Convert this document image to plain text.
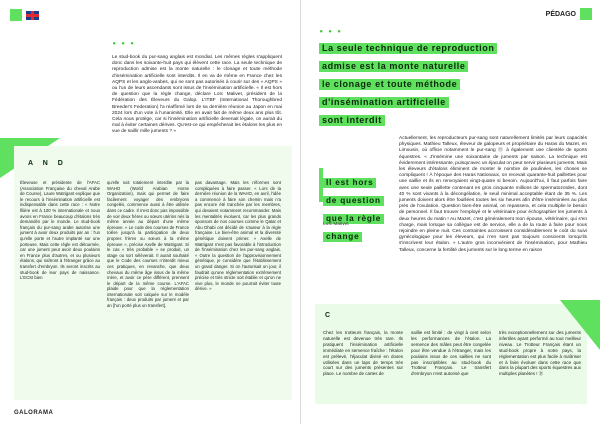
• • •
Le stud-book du pur-sang anglais est mondial. Les mêmes règles s'appliquent donc dans les soixante-huit pays qui élèvent cette race. La seule technique de reproduction admise est la monte naturelle : le clonage et toute méthode d'insémination artificielle sont interdits. Il en va de même en France chez les AQPS et les anglo-arabes, qui ne sont pas autorisés à courir sur des « AQPS » ou l'un de leurs ascendants sont issus de l'insémination artificielle. « Il est hors de question que la règle change, déclare Loïc Malivet, président de la Fédération des Éleveurs du Galop. L'ITBF (International Thoroughbred Breeder's Federation) l'a réaffirmé lors de sa dernière réunion au Japon en mai 2024 lors d'un vote à l'unanimité. Elle en avait fait de même deux ans plus tôt. Cela nous protège, car si l'insémination artificielle devenait légale, on aurait du mal à éviter certaines dérives. Qu'est-ce qui empêcherait les étalons les plus en vue de saillir mille juments ? »
A N D
Éleveuse et présidente de l'AFAC (Association Française du cheval Arabe de Course), Laure Watrigant explique que le recours à l'insémination artificielle est indispensable dans cette race : « Notre filière est à 100 % internationale et nous avons en France beaucoup d'étalons très demandés par le monde. Le stud-book français du pur-sang arabe autorise une jument à avoir deux produits par an : l'un qu'elle porte et l'autre implanté sur une porteuse. Mais cette règle est détournée, car une jument peut avoir deux poulains en France plus d'autres, et ou plusieurs étalons, qui naîtront à l'étranger grâce au transfert d'embryon. Ils seront inscrits au stud-book de leur pays de naissance. L'ECSI bien
qu'elle soit totalement interdite par la WAHO (World Arabian Horse Organization), mais qui permet de faire facilement voyager des embryons congelés, commence aussi à être utilisée dans ce cadre. Il n'est donc pas impossible de voir deux frères ou sœurs utérins nés la même année au départ d'une même épreuve. « Le code des courses de France tolère jusqu'à la participation de deux propres frères ou sœurs à la même épreuve », précise Axelle de Watrigant. Si le cas « très probable » se produit, un stage ou sort sélèverait. Il aurait souhaité que le Code des courses n'interdit mieux ces pratiques, en revanche, que deux chevaux du même âge issus de la même mère, et avoir ce père différent, prennent le départ de la même course. L'AFAC plaide pour que la réglementation internationale soit calquée sur le modèle français : deux produits par jument et par an [l'un porté plus un transfert],
pas davantage. Mais les réformes sont compliquées à faire passer. « Lors de la dernière réunion de la WAHO, en avril, l'idée a commencé à faire son chemin mais n'a pas encore été tranchée par les membres, qui devaient notamment recommander. Mais les mentalités évoluent, car les plus grands sponsors de nos courses comme le Qatar et Abu Dhabi ont décidé de s'auteur à la règle française. Le bien-être animal et la diversité génétique doivent primer. » Axelle de Watrigant n'est pas favorable à l'introduction de l'insémination chez les pur-sang anglais. « Outre la question de l'approvisionnement génétique, je considère que l'établissement un grand danger. Si on l'autorisait un jour, il faudrait qu'une réglementation extrêmement précise et très stricte soit établie et qu'on ne vive plus, le monde ne pourrait éviter toute dérive. »
GALORAMA
PÉDAGO
• • •
La seule technique de reproduction
admise est la monte naturelle
le clonage et toute méthode
d'insémination artificielle
sont interdit
Il est hors
de question
que la règle
change
Loïc Malivet
Actuellement, les reproducteurs pur-sang sont naturellement limités par leurs capacités physiques. Mathieu Talleux, éleveur de galopeurs et propriétaire du Haras du Mazet, en Limousin, où officie notamment le pur-sang Ⓑ à également une clientèle de sports équestres. « J'insémine une soixantaine de juments par saison. La technique est évidemment intéressante, puisqu'avec un éjaculat on peut servir plusieurs juments. Mais les éleveurs d'étalons éliminent de monter le nombre de poulinées, les choses se compliquent ! À l'époque des Haras Nationaux, on recevait quarante-huit paillettes pour une saillie et ils en renvoyaient vingt-quatre si besoin. Aujourd'hui, il faut parfois faire avec une seule paillette contenant en gros cinquante millions de spermatozoïdes, dont 40 % sont vivants à la décongélation, le seuil minimal acceptable étant de 35 %. Les juments doivent alors être fouillées toutes les six heures afin d'être inséminées au plus près de l'ovulation. Question bien-être animal, on repassera, et cela multiplie le besoin de personnel. Il faut trouver l'employé et le vétérinaire pour échographier les juments à deux heures du matin ! Au Mazet, c'est généralement mon épouse, vétérinaire, qui s'en charge, mais lorsque sa collègue est de service, elle a de la route à faire pour nous rejoindre en pleine nuit. Ces contraintes accroissent considérablement le coût du suivi gynécologique pour les éleveurs, qui n'en sont pas toujours conscients lorsqu'ils s'inscrivent leur étalon. » L'autre gros inconvénient de l'insémination, pour Mathieu Talleux, concerne la fertilité des juments sur le long terme en raison
C
Chez les trotteurs français, la monte naturelle est devenue très rare. Ils pratiquent l'insémination artificielle immédiate en semence fraîche : l'étalon est prélevé, l'éjaculat divisé en doses utilisées dans un laps de temps très court sur des juments présentes sur place. Le nombre de cartes de
saillie est limité : de vingt à cent selon les performances de l'étalon. La semence des mâles peut être congelée pour être vendue à l'étranger, mais les poulains issus de ces saillies ne sont pas inscriptibles au stud-book du Trotteur Français. Le transfert d'embryon n'est autorisé que
très exceptionnellement sur des juments infertiles ayant performé au tout meilleur niveau. Le Trotteur Français étant un stud-book propre à notre pays, la réglementation est plus facile à maîtriser et à faire évoluer dans cette race que dans la plupart des sports équestres aux multiples planètes ! Ⓑ
